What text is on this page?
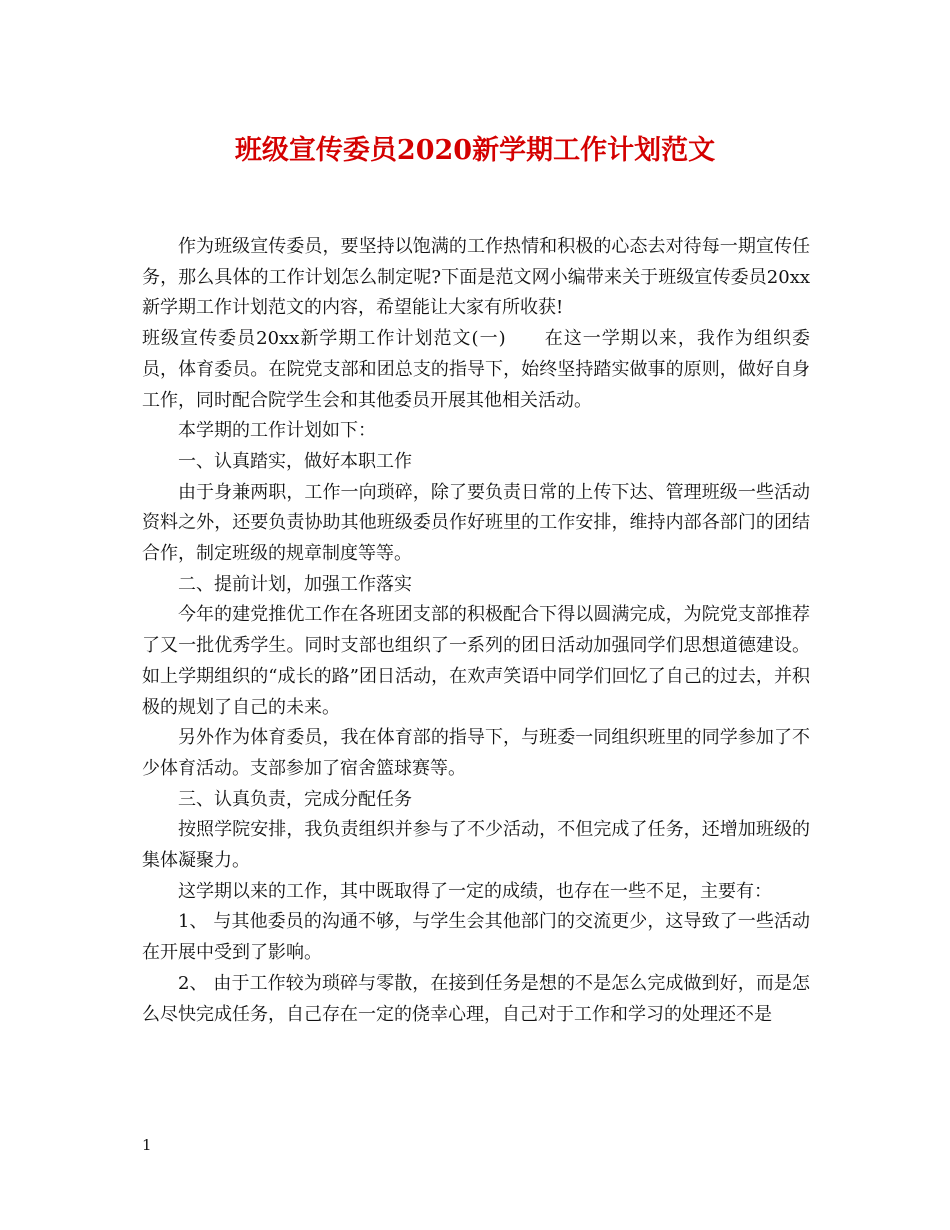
班级宣传委员2020新学期工作计划范文

作为班级宣传委员，要坚持以饱满的工作热情和积极的心态去对待每一期宣传任务，那么具体的工作计划怎么制定呢?下面是范文网小编带来关于班级宣传委员20xx新学期工作计划范文的内容，希望能让大家有所收获!

班级宣传委员20xx新学期工作计划范文(一)　　在这一学期以来，我作为组织委员，体育委员。在院党支部和团总支的指导下，始终坚持踏实做事的原则，做好自身工作，同时配合院学生会和其他委员开展其他相关活动。

本学期的工作计划如下：

一、认真踏实，做好本职工作

由于身兼两职，工作一向琐碎，除了要负责日常的上传下达、管理班级一些活动资料之外，还要负责协助其他班级委员作好班里的工作安排，维持内部各部门的团结合作，制定班级的规章制度等等。

二、提前计划，加强工作落实

今年的建党推优工作在各班团支部的积极配合下得以圆满完成，为院党支部推荐了又一批优秀学生。同时支部也组织了一系列的团日活动加强同学们思想道德建设。如上学期组织的“成长的路”团日活动，在欢声笑语中同学们回忆了自己的过去，并积极的规划了自己的未来。

另外作为体育委员，我在体育部的指导下，与班委一同组织班里的同学参加了不少体育活动。支部参加了宿舍篮球赛等。

三、认真负责，完成分配任务

按照学院安排，我负责组织并参与了不少活动，不但完成了任务，还增加班级的集体凝聚力。

这学期以来的工作，其中既取得了一定的成绩，也存在一些不足，主要有：

1、 与其他委员的沟通不够，与学生会其他部门的交流更少，这导致了一些活动在开展中受到了影响。

2、 由于工作较为琐碎与零散，在接到任务是想的不是怎么完成做到好，而是怎么尽快完成任务，自己存在一定的侥幸心理，自己对于工作和学习的处理还不是

1
